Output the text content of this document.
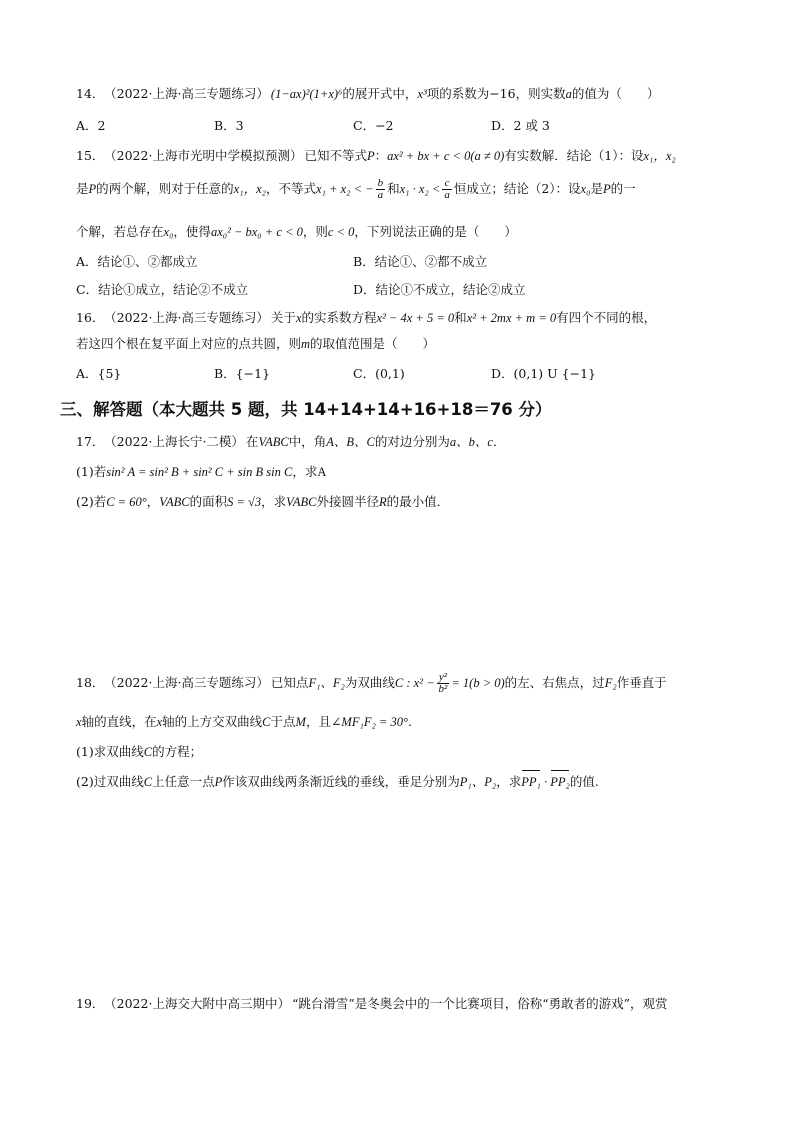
14． （2022·上海·高三专题练习） (1−ax)²(1+x)⁶的展开式中，x³项的系数为−16，则实数a的值为（　　）
A．2	B．3	C．−2	D．2 或 3
15． （2022·上海市光明中学模拟预测） 已知不等式P：ax² + bx + c < 0(a ≠ 0)有实数解．结论（1）：设x₁，x₂
是P的两个解，则对于任意的x₁，x₂，不等式x₁ + x₂ < − $\frac{b}{a}$ 和$x_1 \cdot x_2 < \frac{c}{a}$ 恒成立；结论（2）：设x₀是P的一
个解，若总存在x₀，使得ax₀² − bx₀ + c < 0，则c < 0，下列说法正确的是（　　）
A．结论①、②都成立	B．结论①、②都不成立
C．结论①成立，结论②不成立	D．结论①不成立，结论②成立
16． （2022·上海·高三专题练习） 关于x的实系数方程x² − 4x + 5 = 0和x² + 2mx + m = 0有四个不同的根，
若这四个根在复平面上对应的点共圆，则m的取值范围是（　　）
A．{5}	B．{−1}	C．(0,1)	D．(0,1) U {−1}
三、解答题（本大题共 5 题，共 14+14+14+16+18＝76 分）
17． （2022·上海长宁·二模） 在VABC中，角A、B、C的对边分别为a、b、c．
(1)若sin² A = sin² B + sin² C + sin B sin C，求A
(2)若C = 60°，VABC的面积S = √3，求VABC外接圆半径R的最小值．
18． （2022·上海·高三专题练习） 已知点F₁、F₂为双曲线C : $x^2 - \frac{\text{y²}}{\text{b²}} = 1(b > 0)$的左、右焦点，过F₂作垂直于
x轴的直线，在x轴的上方交双曲线C于点M，且∠MF₁F₂ = 30°.
(1)求双曲线C的方程；
(2)过双曲线C上任意一点P作该双曲线两条渐近线的垂线，垂足分别为P₁、P₂，求PP₁ · PP₂的值.
19． （2022·上海交大附中高三期中） “跳台滑雪”是冬奥会中的一个比赛项目，俗称“勇敢者的游戏”，观赏
